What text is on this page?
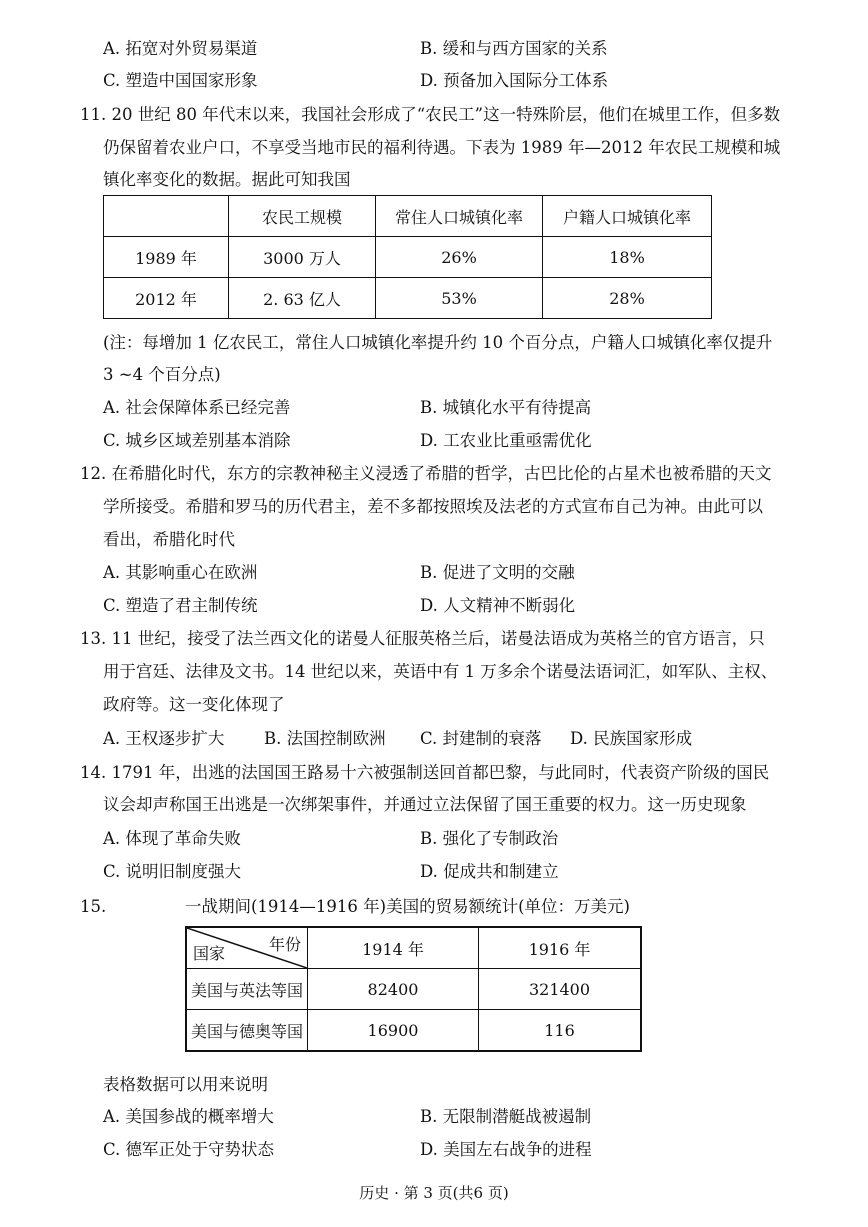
A. 拓宽对外贸易渠道	B. 缓和与西方国家的关系
C. 塑造中国国家形象	D. 预备加入国际分工体系
11. 20 世纪 80 年代末以来，我国社会形成了“农民工”这一特殊阶层，他们在城里工作，但多数
仍保留着农业户口，不享受当地市民的福利待遇。下表为 1989 年—2012 年农民工规模和城
镇化率变化的数据。据此可知我国
	农民工规模	常住人口城镇化率	户籍人口城镇化率
1989 年	3000 万人	26%	18%
2012 年	2. 63 亿人	53%	28%
(注：每增加 1 亿农民工，常住人口城镇化率提升约 10 个百分点，户籍人口城镇化率仅提升
3 ~4 个百分点)
A. 社会保障体系已经完善	B. 城镇化水平有待提高
C. 城乡区域差别基本消除	D. 工农业比重亟需优化
12. 在希腊化时代，东方的宗教神秘主义浸透了希腊的哲学，古巴比伦的占星术也被希腊的天文
学所接受。希腊和罗马的历代君主，差不多都按照埃及法老的方式宣布自己为神。由此可以
看出，希腊化时代
A. 其影响重心在欧洲	B. 促进了文明的交融
C. 塑造了君主制传统	D. 人文精神不断弱化
13. 11 世纪，接受了法兰西文化的诺曼人征服英格兰后，诺曼法语成为英格兰的官方语言，只
用于宫廷、法律及文书。14 世纪以来，英语中有 1 万多余个诺曼法语词汇，如军队、主权、
政府等。这一变化体现了
A. 王权逐步扩大 B. 法国控制欧洲 C. 封建制的衰落 D. 民族国家形成
14. 1791 年，出逃的法国国王路易十六被强制送回首都巴黎，与此同时，代表资产阶级的国民
议会却声称国王出逃是一次绑架事件，并通过立法保留了国王重要的权力。这一历史现象
A. 体现了革命失败	B. 强化了专制政治
C. 说明旧制度强大	D. 促成共和制建立
15.	一战期间(1914—1916 年)美国的贸易额统计(单位：万美元)
国家 年份	1914 年	1916 年
美国与英法等国	82400	321400
美国与德奥等国	16900	116
表格数据可以用来说明
A. 美国参战的概率增大	B. 无限制潜艇战被遏制
C. 德军正处于守势状态	D. 美国左右战争的进程
历史 · 第 3 页(共6 页)
